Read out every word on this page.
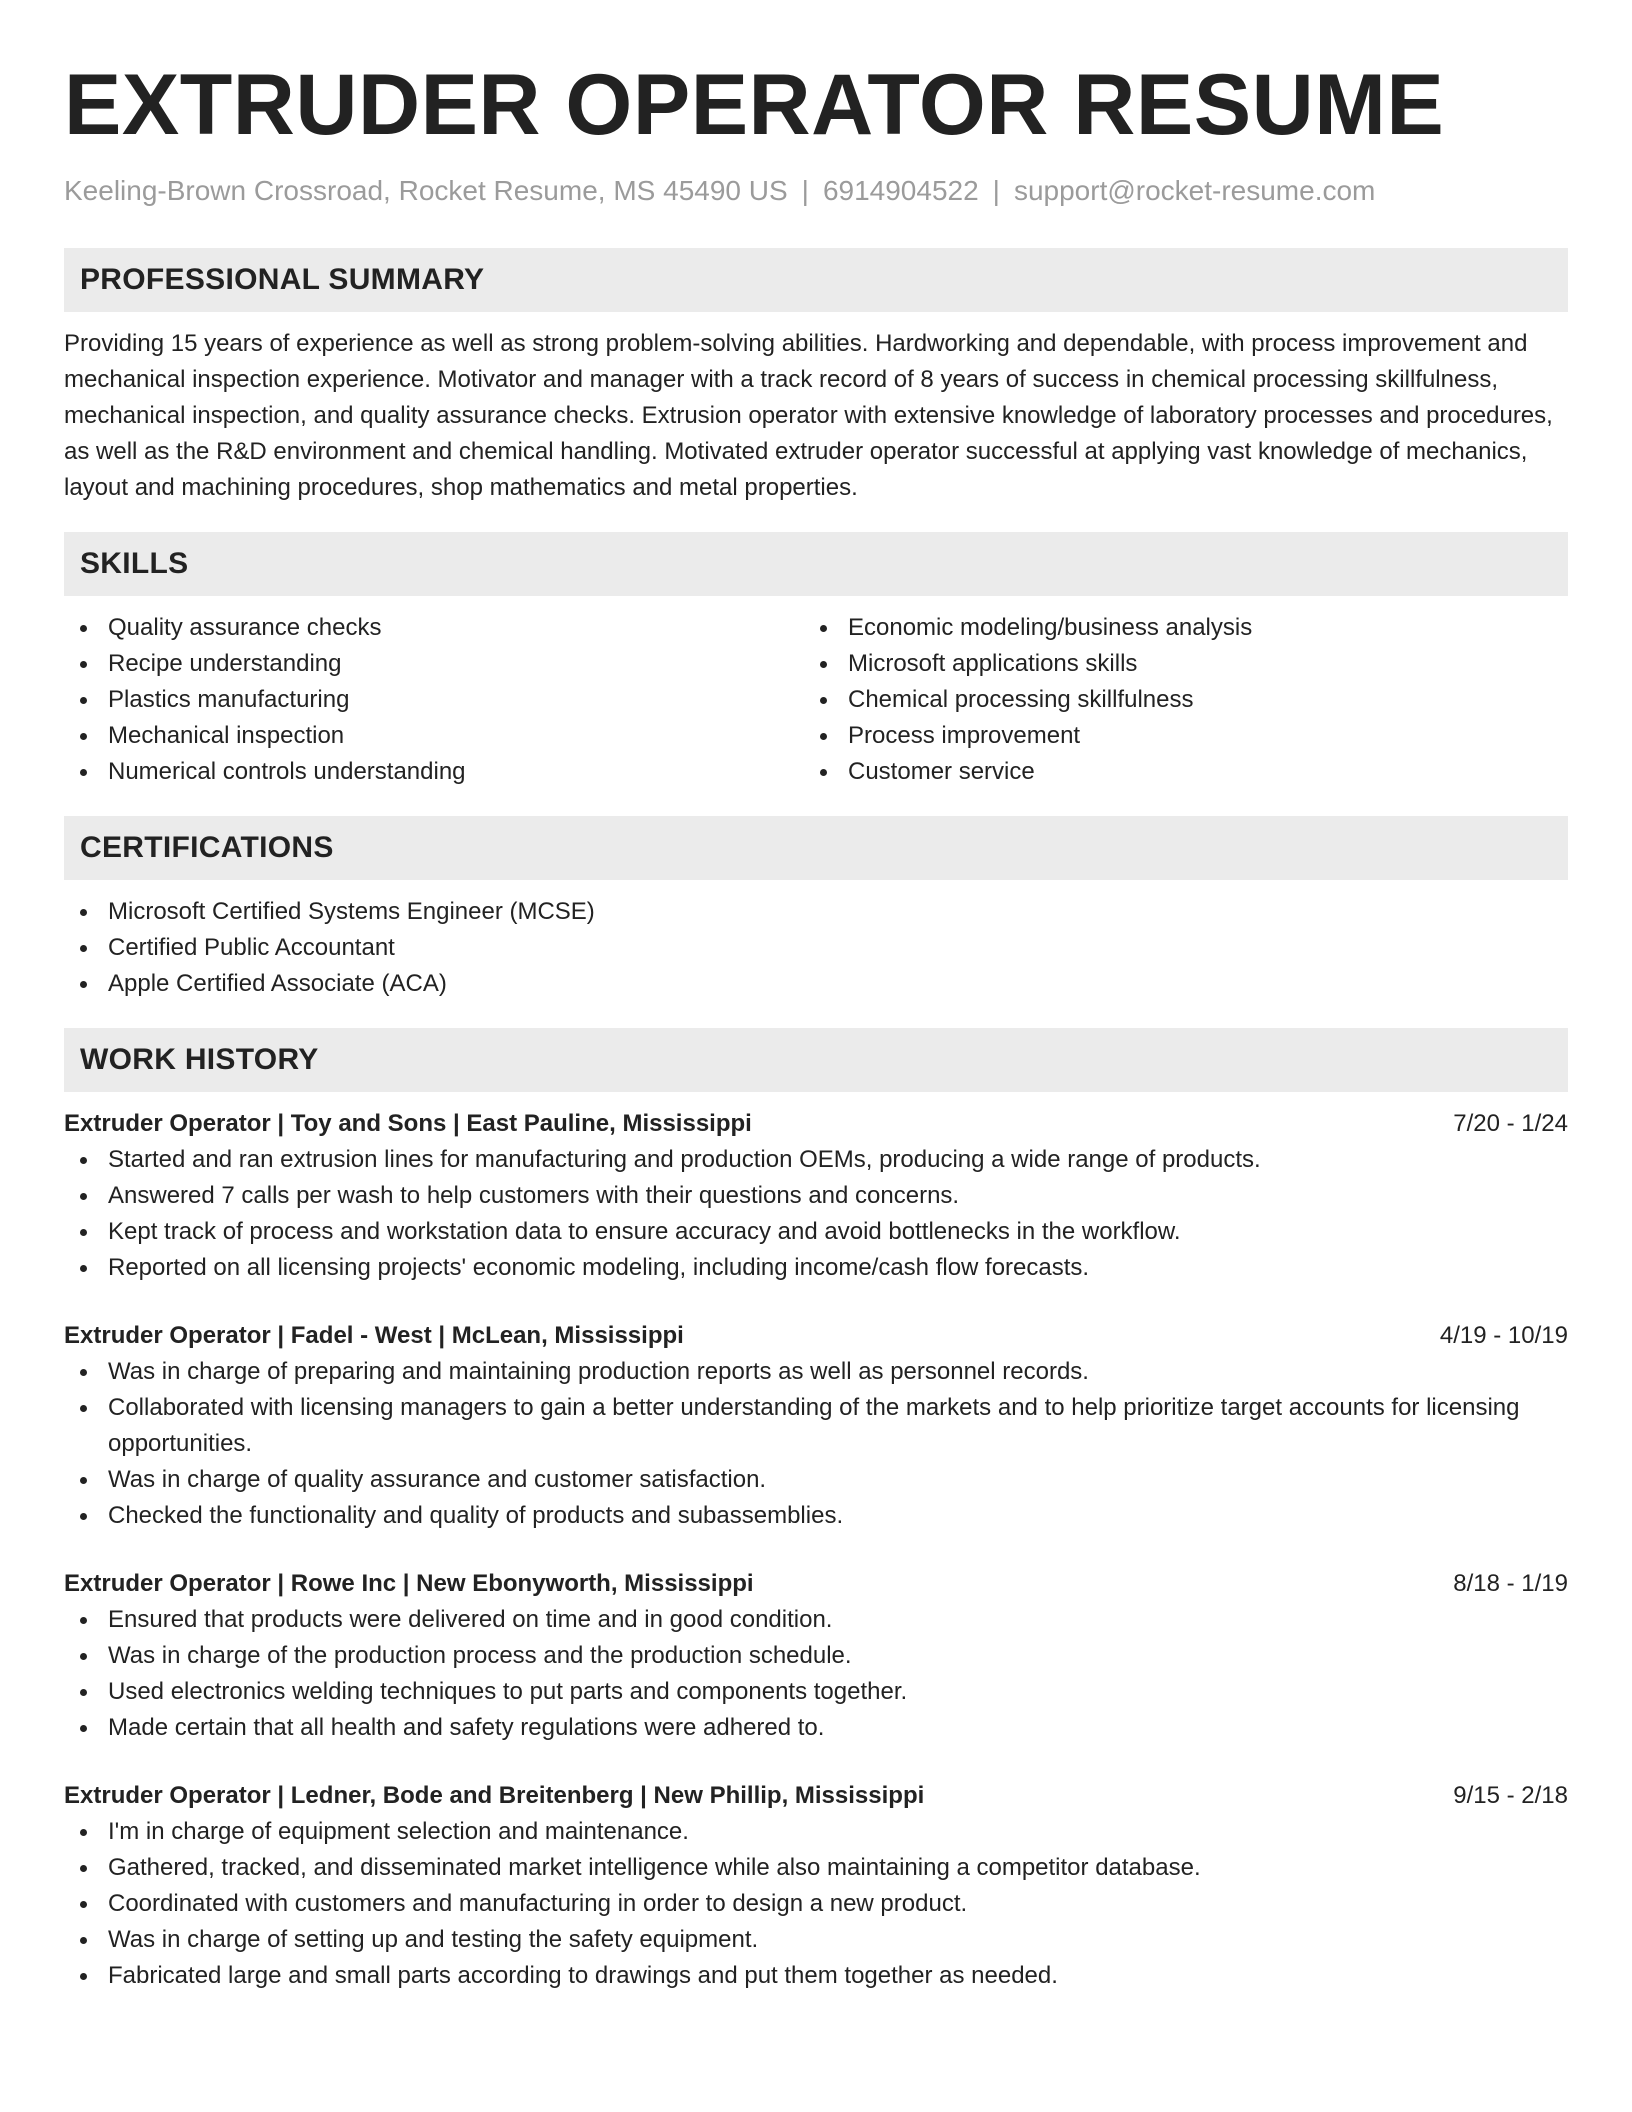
EXTRUDER OPERATOR RESUME
Keeling-Brown Crossroad, Rocket Resume, MS 45490 US | 6914904522 | support@rocket-resume.com
PROFESSIONAL SUMMARY

Providing 15 years of experience as well as strong problem-solving abilities. Hardworking and dependable, with process improvement and mechanical inspection experience. Motivator and manager with a track record of 8 years of success in chemical processing skillfulness, mechanical inspection, and quality assurance checks. Extrusion operator with extensive knowledge of laboratory processes and procedures, as well as the R&D environment and chemical handling. Motivated extruder operator successful at applying vast knowledge of mechanics, layout and machining procedures, shop mathematics and metal properties.

SKILLS
Quality assurance checks
Recipe understanding
Plastics manufacturing
Mechanical inspection
Numerical controls understanding
Economic modeling/business analysis
Microsoft applications skills
Chemical processing skillfulness
Process improvement
Customer service
CERTIFICATIONS
Microsoft Certified Systems Engineer (MCSE)
Certified Public Accountant
Apple Certified Associate (ACA)
WORK HISTORY
Extruder Operator | Toy and Sons | East Pauline, Mississippi	7/20 - 1/24
Started and ran extrusion lines for manufacturing and production OEMs, producing a wide range of products.
Answered 7 calls per wash to help customers with their questions and concerns.
Kept track of process and workstation data to ensure accuracy and avoid bottlenecks in the workflow.
Reported on all licensing projects' economic modeling, including income/cash flow forecasts.
Extruder Operator | Fadel - West | McLean, Mississippi	4/19 - 10/19
Was in charge of preparing and maintaining production reports as well as personnel records.
Collaborated with licensing managers to gain a better understanding of the markets and to help prioritize target accounts for licensing opportunities.
Was in charge of quality assurance and customer satisfaction.
Checked the functionality and quality of products and subassemblies.
Extruder Operator | Rowe Inc | New Ebonyworth, Mississippi	8/18 - 1/19
Ensured that products were delivered on time and in good condition.
Was in charge of the production process and the production schedule.
Used electronics welding techniques to put parts and components together.
Made certain that all health and safety regulations were adhered to.
Extruder Operator | Ledner, Bode and Breitenberg | New Phillip, Mississippi	9/15 - 2/18
I'm in charge of equipment selection and maintenance.
Gathered, tracked, and disseminated market intelligence while also maintaining a competitor database.
Coordinated with customers and manufacturing in order to design a new product.
Was in charge of setting up and testing the safety equipment.
Fabricated large and small parts according to drawings and put them together as needed.
